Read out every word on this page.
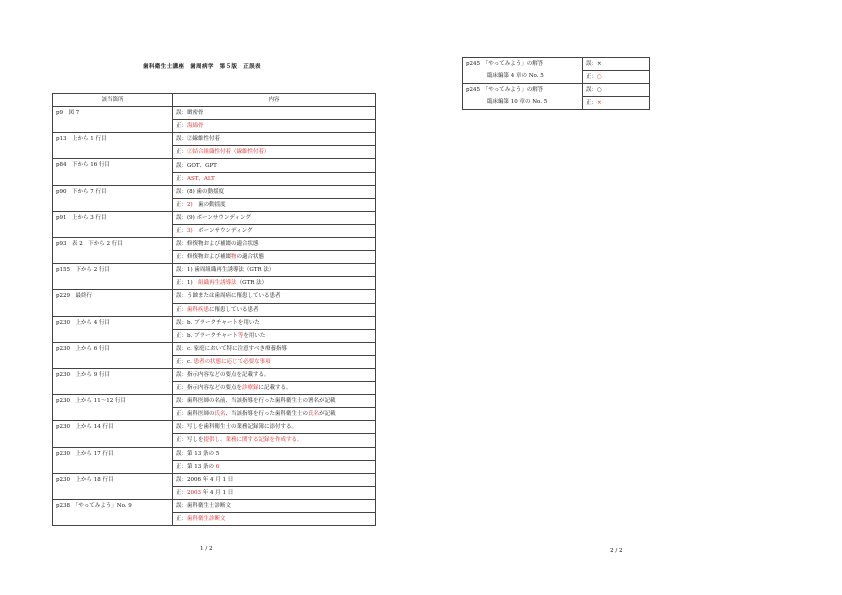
歯科衛生士講座　歯周病学　第５版　正誤表
該当箇所	内容
p9　図 7	誤：緻密骨
	正：海綿骨
p13　上から 1 行目	誤：②線維性付着
	正：②結合組織性付着（線維性付着）
p84　下から 16 行目	誤：GOT、GPT
	正：AST、ALT
p90　下から 7 行目	誤：(8) 歯の動揺度
	正：2)　歯の動揺度
p91　上から 3 行目	誤：(9) ボーンサウンディング
	正：3)　ボーンサウンディング
p93　表 2　下から 2 行目	誤：修復物および補綴の適合状態
	正：修復物および補綴物の適合状態
p155　下から 2 行目	誤：1) 歯周組織再生誘導法（GTR 法）
	正：1)　組織再生誘導法（GTR 法）
p229　最終行	誤：う蝕または歯周病に罹患している患者
	正：歯科疾患に罹患している患者
p230　上から 4 行目	誤：b. ブラークチャートを用いた
	正：b. ブラークチャート等を用いた
p230　上から 6 行目	誤：c. 家庭において特に注意すべき療養指導
	正：c. 患者の状態に応じて必要な事項
p230　上から 9 行目	誤：指示内容などの要点を記載する。
	正：指示内容などの要点を診療録に記載する。
p230　上から 11〜12 行目	誤：歯科医師の名前、当該指導を行った歯科衛生士の署名が記載
	正：歯科医師の氏名、当該指導を行った歯科衛生士の氏名が記載
p230　上から 14 行目	誤：写しを歯科衛生士の業務記録簿に添付する。
	正：写しを提供し、業務に関する記録を作成する。
p230　上から 17 行目	誤：第 13 条の 5
	正：第 13 条の 6
p230　上から 18 行目	誤：2006 年 4 月 1 日
	正：2003 年 4 月 1 日
p238　「やってみよう」No. 9	誤：歯科衛生士診断文
	正：歯科衛生診断文
p245　「やってみよう」の解答
臨床編第 4 章の No. 5	誤：×
	正：○
p245　「やってみよう」の解答
臨床編第 10 章の No. 5	誤：○
	正：×
1 / 2	2 / 2
